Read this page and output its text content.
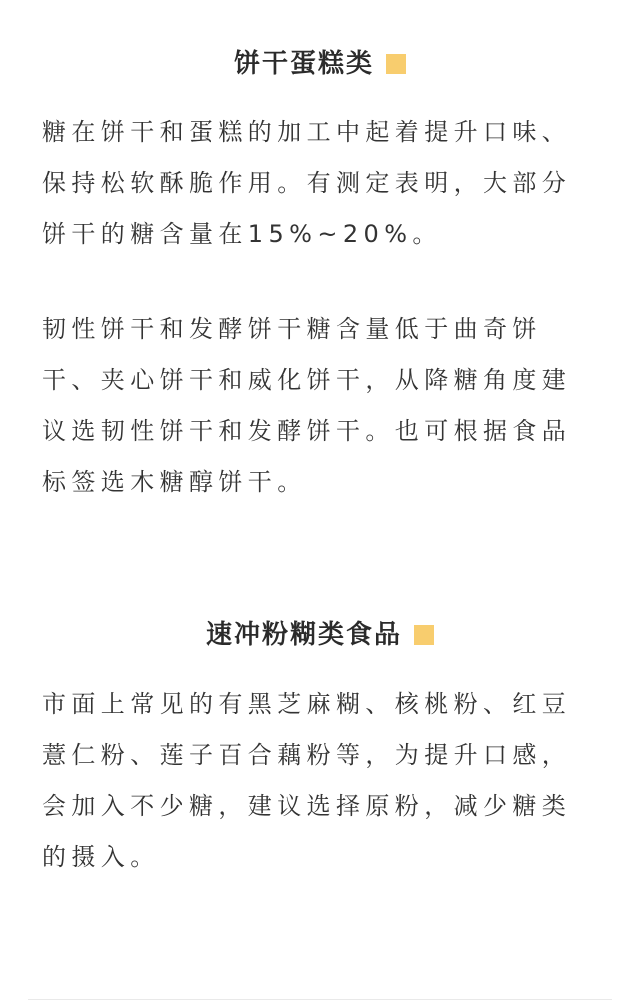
饼干蛋糕类

糖在饼干和蛋糕的加工中起着提升口味、
保持松软酥脆作用。有测定表明，大部分
饼干的糖含量在15%~20%。

韧性饼干和发酵饼干糖含量低于曲奇饼
干、夹心饼干和威化饼干，从降糖角度建
议选韧性饼干和发酵饼干。也可根据食品
标签选木糖醇饼干。

速冲粉糊类食品

市面上常见的有黑芝麻糊、核桃粉、红豆
薏仁粉、莲子百合藕粉等，为提升口感，
会加入不少糖，建议选择原粉，减少糖类
的摄入。
